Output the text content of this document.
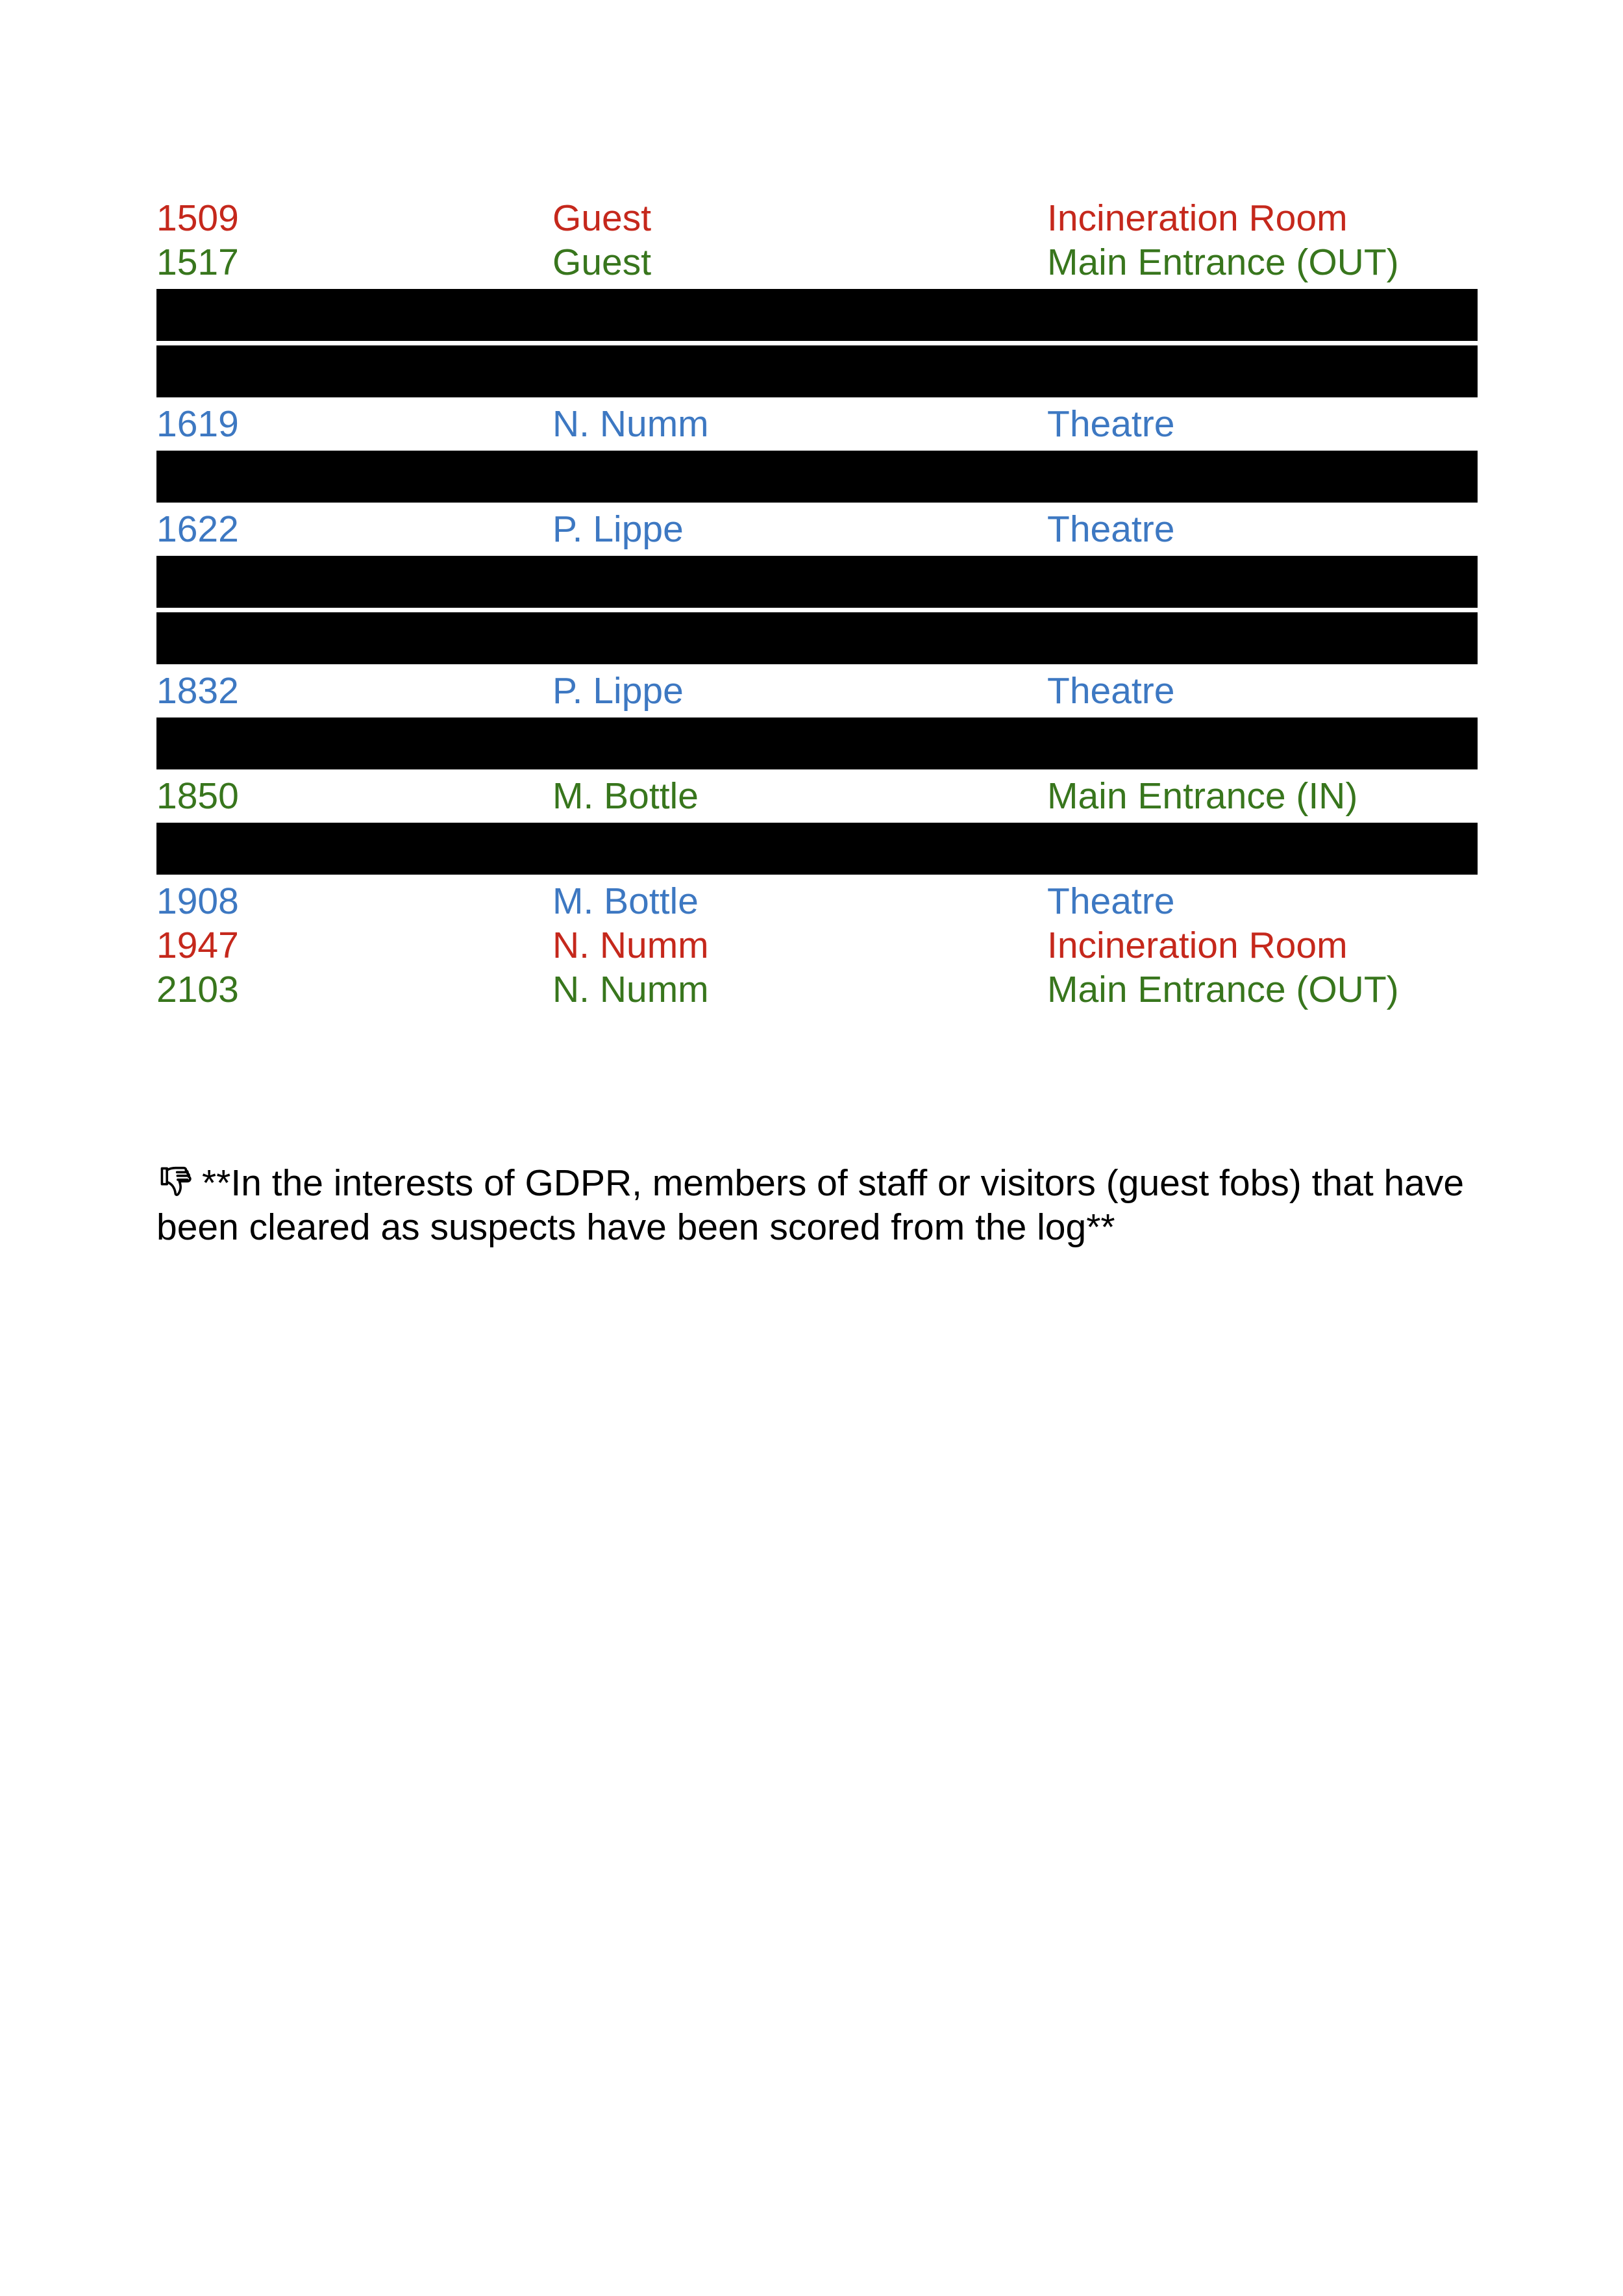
1509	Guest	Incineration Room
1517	Guest	Main Entrance (OUT)
1619	N. Numm	Theatre
1622	P. Lippe	Theatre
1832	P. Lippe	Theatre
1850	M. Bottle	Main Entrance (IN)
1908	M. Bottle	Theatre
1947	N. Numm	Incineration Room
2103	N. Numm	Main Entrance (OUT)
**In the interests of GDPR, members of staff or visitors (guest fobs) that have been cleared as suspects have been scored from the log**
